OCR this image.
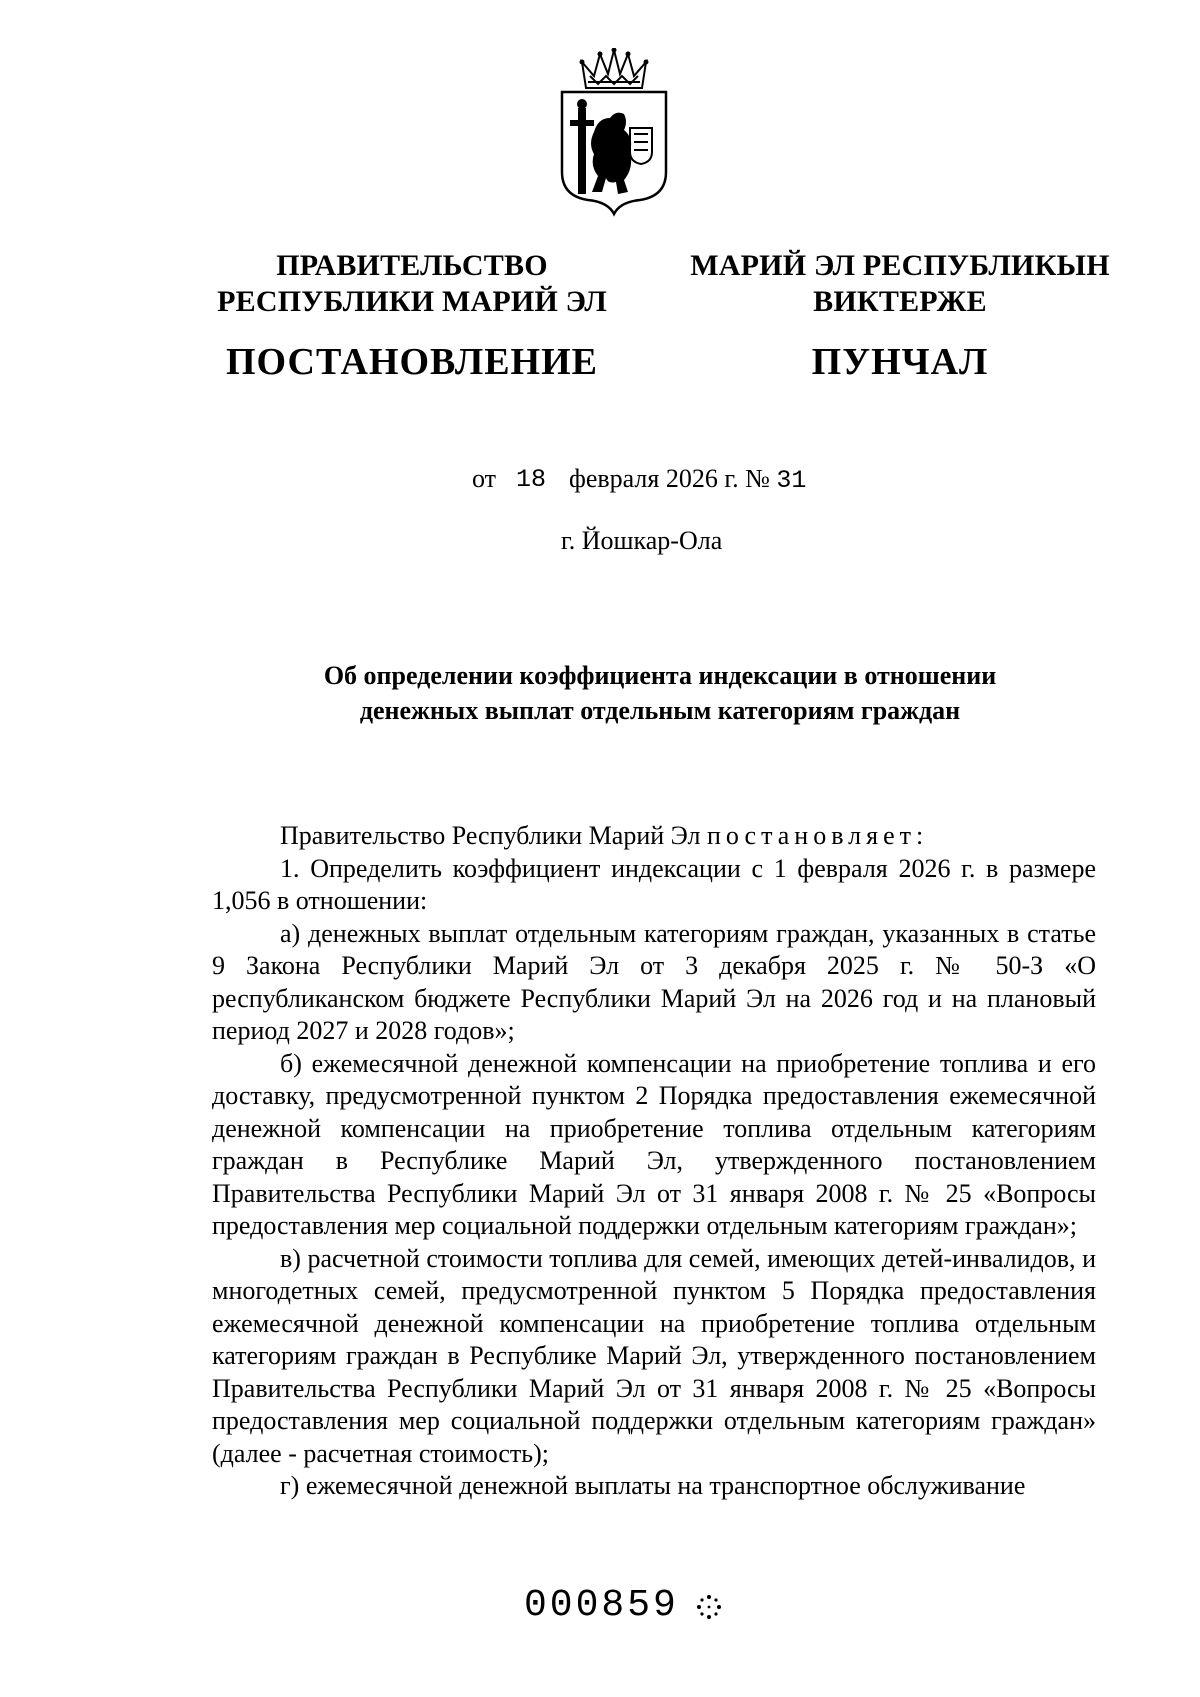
ПРАВИТЕЛЬСТВО
РЕСПУБЛИКИ МАРИЙ ЭЛ
ПОСТАНОВЛЕНИЕ
МАРИЙ ЭЛ РЕСПУБЛИКЫН
ВИКТЕРЖЕ
ПУНЧАЛ
от 18 февраля 2026 г. № 31
г. Йошкар-Ола
Об определении коэффициента индексации в отношении
денежных выплат отдельным категориям граждан

Правительство Республики Марий Эл постановляет:

1. Определить коэффициент индексации с 1 февраля 2026 г. в размере 1,056 в отношении:

а) денежных выплат отдельным категориям граждан, указанных в статье 9 Закона Республики Марий Эл от 3 декабря 2025 г. № 50-З «О республиканском бюджете Республики Марий Эл на 2026 год и на плановый период 2027 и 2028 годов»;

б) ежемесячной денежной компенсации на приобретение топлива и его доставку, предусмотренной пунктом 2 Порядка предоставления ежемесячной денежной компенсации на приобретение топлива отдельным категориям граждан в Республике Марий Эл, утвержденного постановлением Правительства Республики Марий Эл от 31 января 2008 г. № 25 «Вопросы предоставления мер социальной поддержки отдельным категориям граждан»;

в) расчетной стоимости топлива для семей, имеющих детей-инвалидов, и многодетных семей, предусмотренной пунктом 5 Порядка предоставления ежемесячной денежной компенсации на приобретение топлива отдельным категориям граждан в Республике Марий Эл, утвержденного постановлением Правительства Республики Марий Эл от 31 января 2008 г. № 25 «Вопросы предоставления мер социальной поддержки отдельным категориям граждан» (далее - расчетная стоимость);

г) ежемесячной денежной выплаты на транспортное обслуживание

000859
